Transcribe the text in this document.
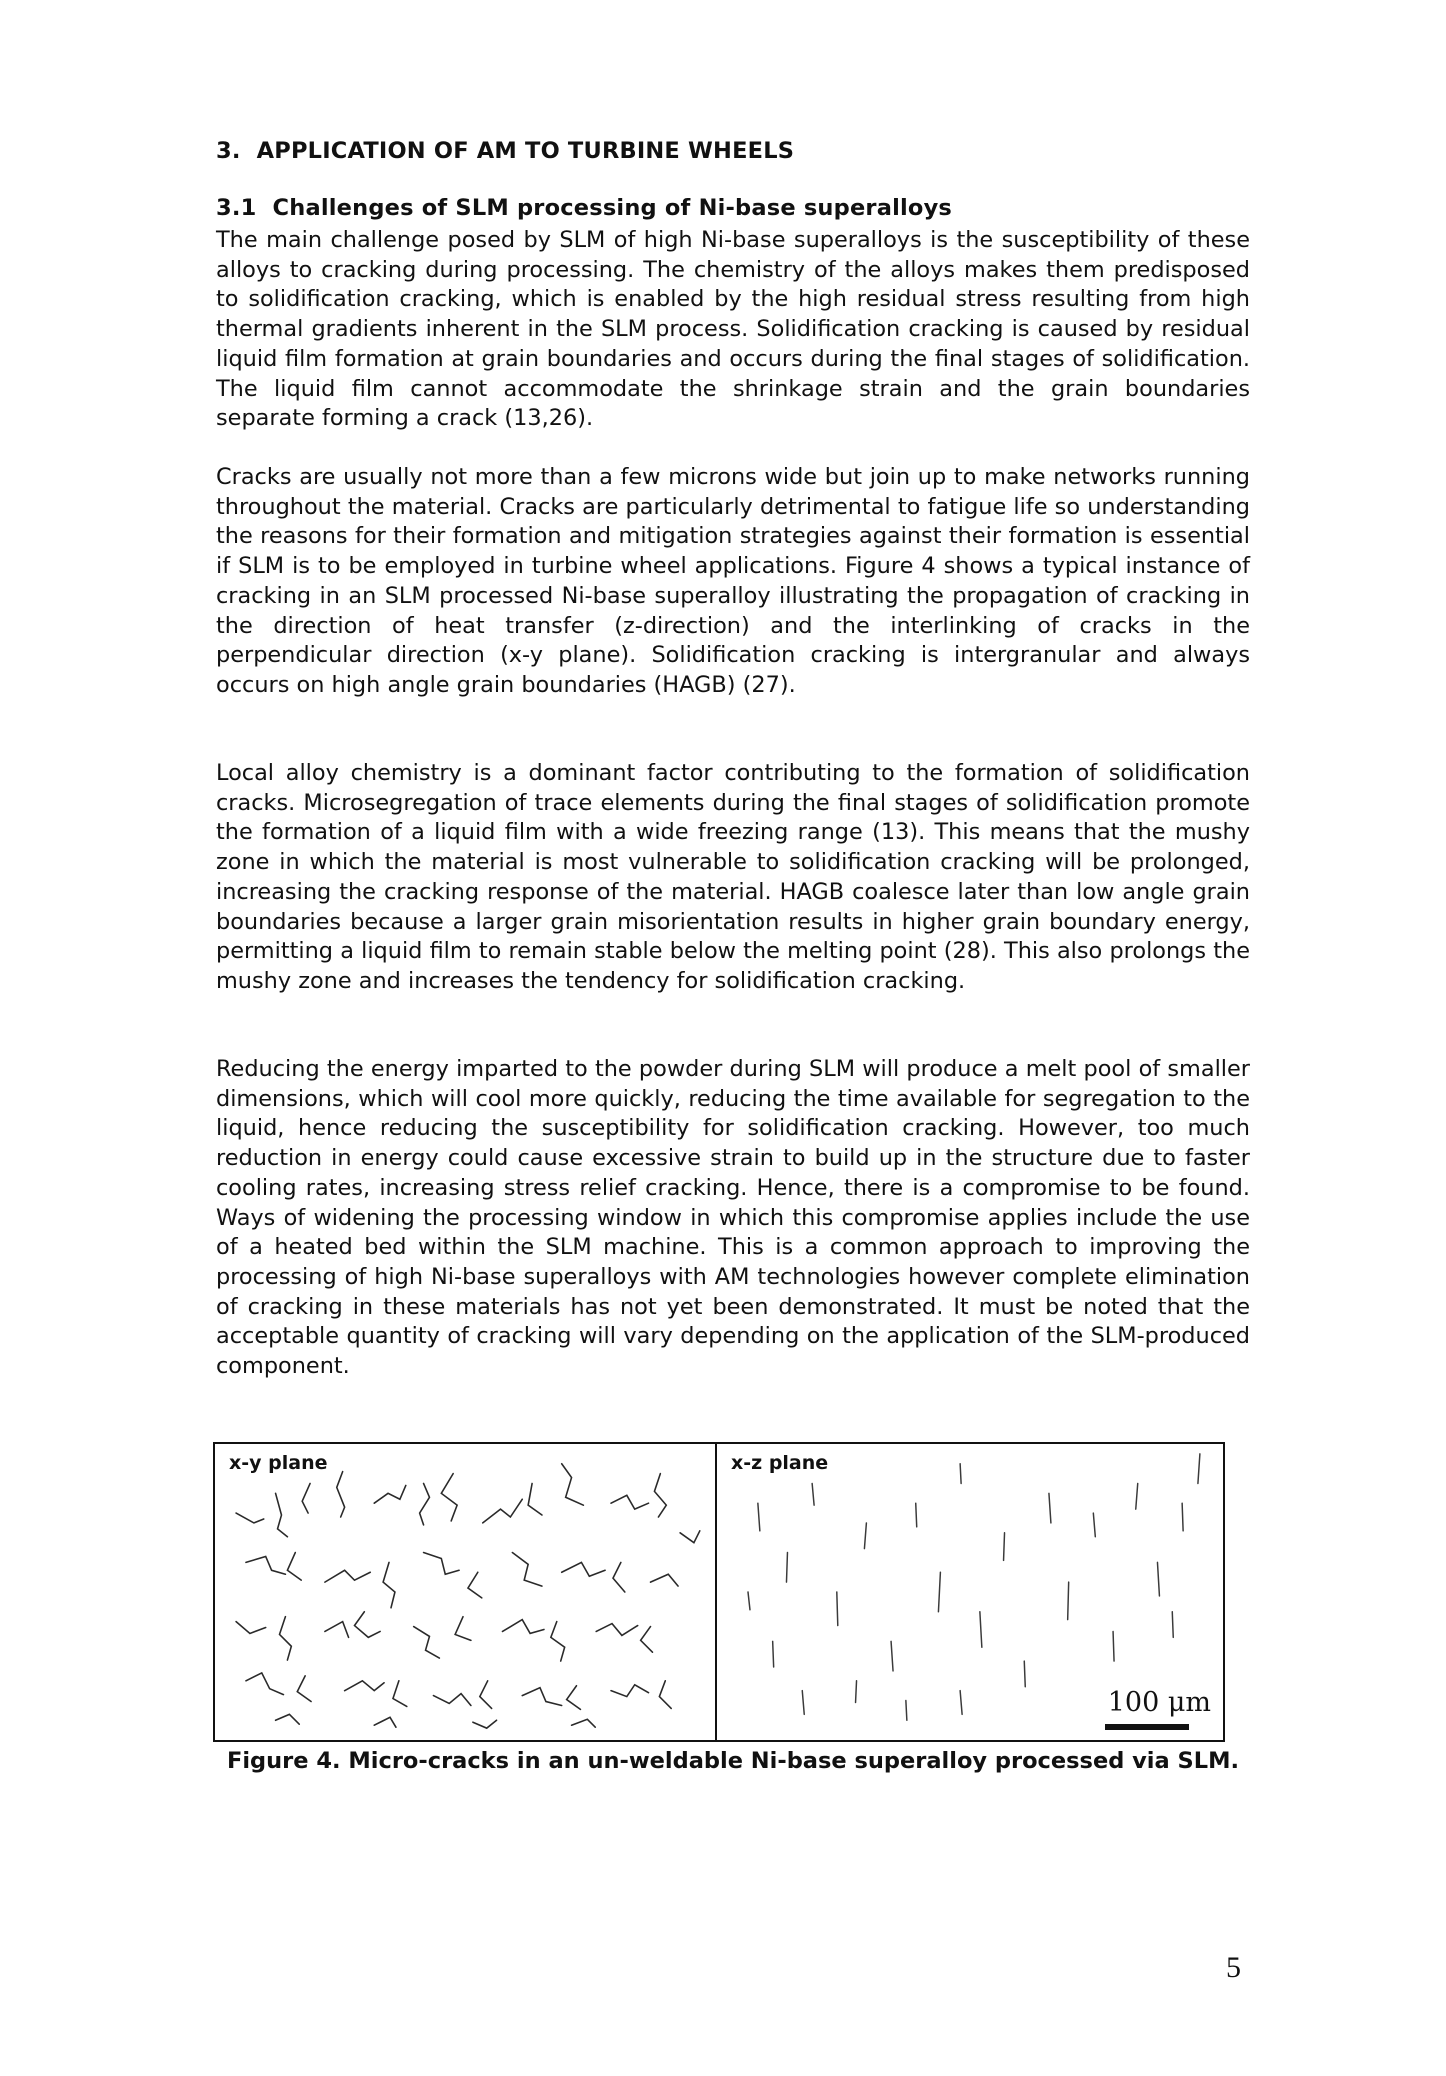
3.  APPLICATION OF AM TO TURBINE WHEELS
3.1  Challenges of SLM processing of Ni-base superalloys

The main challenge posed by SLM of high Ni-base superalloys is the susceptibility of these alloys to cracking during processing. The chemistry of the alloys makes them predisposed to solidification cracking, which is enabled by the high residual stress resulting from high thermal gradients inherent in the SLM process. Solidification cracking is caused by residual liquid film formation at grain boundaries and occurs during the final stages of solidification. The liquid film cannot accommodate the shrinkage strain and the grain boundaries separate forming a crack (13,26).

Cracks are usually not more than a few microns wide but join up to make networks running throughout the material. Cracks are particularly detrimental to fatigue life so understanding the reasons for their formation and mitigation strategies against their formation is essential if SLM is to be employed in turbine wheel applications. Figure 4 shows a typical instance of cracking in an SLM processed Ni-base superalloy illustrating the propagation of cracking in the direction of heat transfer (z-direction) and the interlinking of cracks in the perpendicular direction (x-y plane). Solidification cracking is intergranular and always occurs on high angle grain boundaries (HAGB) (27).

Local alloy chemistry is a dominant factor contributing to the formation of solidification cracks. Microsegregation of trace elements during the final stages of solidification promote the formation of a liquid film with a wide freezing range (13). This means that the mushy zone in which the material is most vulnerable to solidification cracking will be prolonged, increasing the cracking response of the material. HAGB coalesce later than low angle grain boundaries because a larger grain misorientation results in higher grain boundary energy, permitting a liquid film to remain stable below the melting point (28). This also prolongs the mushy zone and increases the tendency for solidification cracking.

Reducing the energy imparted to the powder during SLM will produce a melt pool of smaller dimensions, which will cool more quickly, reducing the time available for segregation to the liquid, hence reducing the susceptibility for solidification cracking. However, too much reduction in energy could cause excessive strain to build up in the structure due to faster cooling rates, increasing stress relief cracking. Hence, there is a compromise to be found. Ways of widening the processing window in which this compromise applies include the use of a heated bed within the SLM machine. This is a common approach to improving the processing of high Ni-base superalloys with AM technologies however complete elimination of cracking in these materials has not yet been demonstrated. It must be noted that the acceptable quantity of cracking will vary depending on the application of the SLM-produced component.

x-y plane	x-z plane
100 μm

Figure 4. Micro-cracks in an un-weldable Ni-base superalloy processed via SLM.

5
